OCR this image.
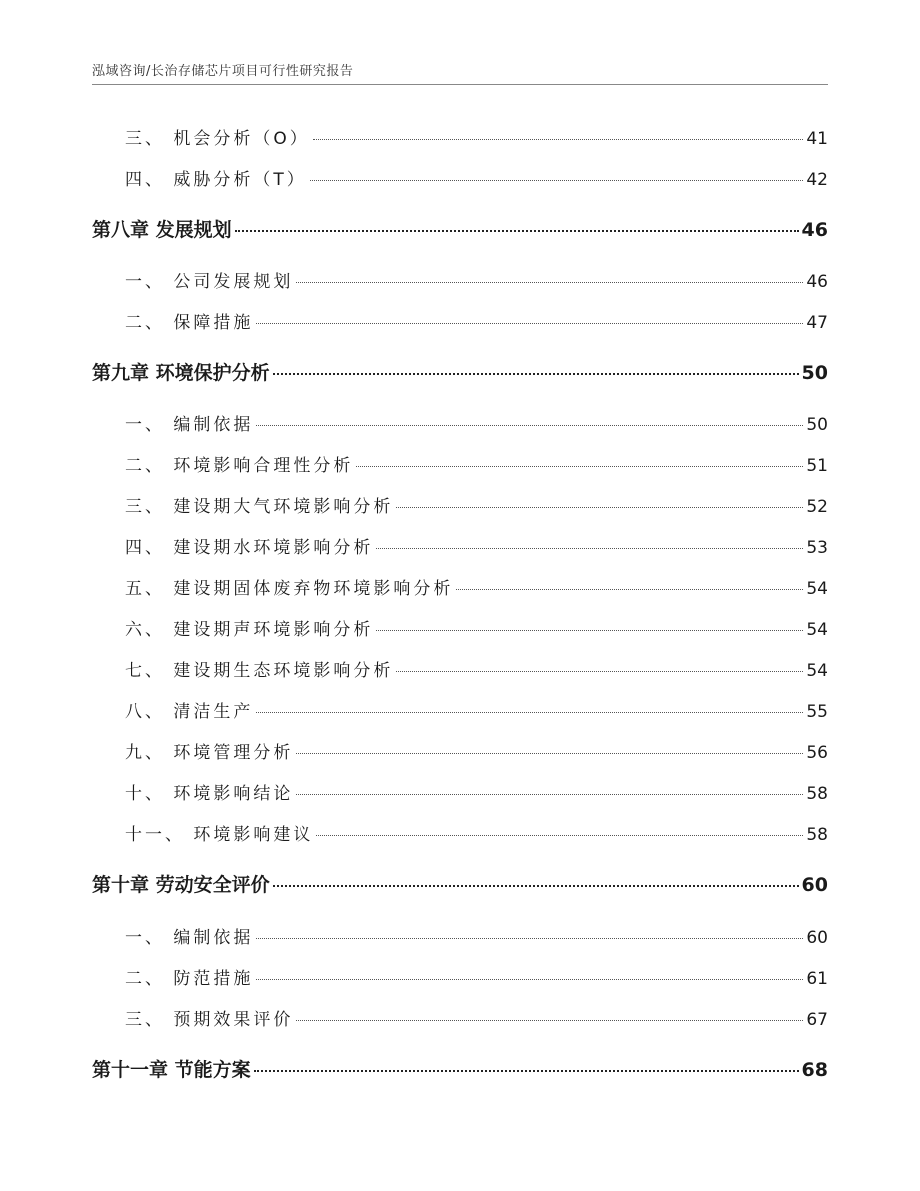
泓域咨询/长治存储芯片项目可行性研究报告
三、 机会分析（O）	41
四、 威胁分析（T）	42
第八章 发展规划	46
一、 公司发展规划	46
二、 保障措施	47
第九章 环境保护分析	50
一、 编制依据	50
二、 环境影响合理性分析	51
三、 建设期大气环境影响分析	52
四、 建设期水环境影响分析	53
五、 建设期固体废弃物环境影响分析	54
六、 建设期声环境影响分析	54
七、 建设期生态环境影响分析	54
八、 清洁生产	55
九、 环境管理分析	56
十、 环境影响结论	58
十一、 环境影响建议	58
第十章 劳动安全评价	60
一、 编制依据	60
二、 防范措施	61
三、 预期效果评价	67
第十一章 节能方案	68
